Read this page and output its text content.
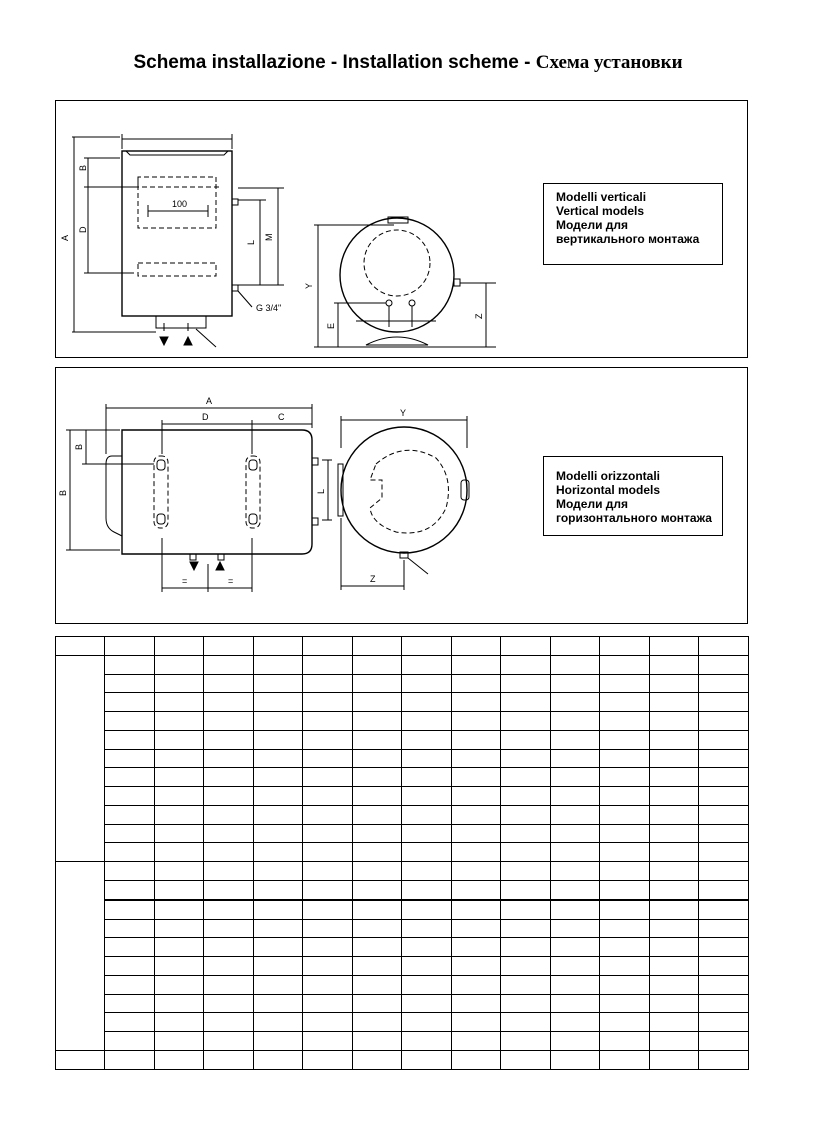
Schema installazione - Installation scheme - Схема установки
100
G 3/4"
A
B
D
L
M
Y
E
Z
Modelli verticali
Vertical models
Модели для
вертикального монтажа
A
D	C
B
B
L
=	=
Y
Z
Modelli orizzontali
Horizontal models
Модели для
горизонтального монтажа
